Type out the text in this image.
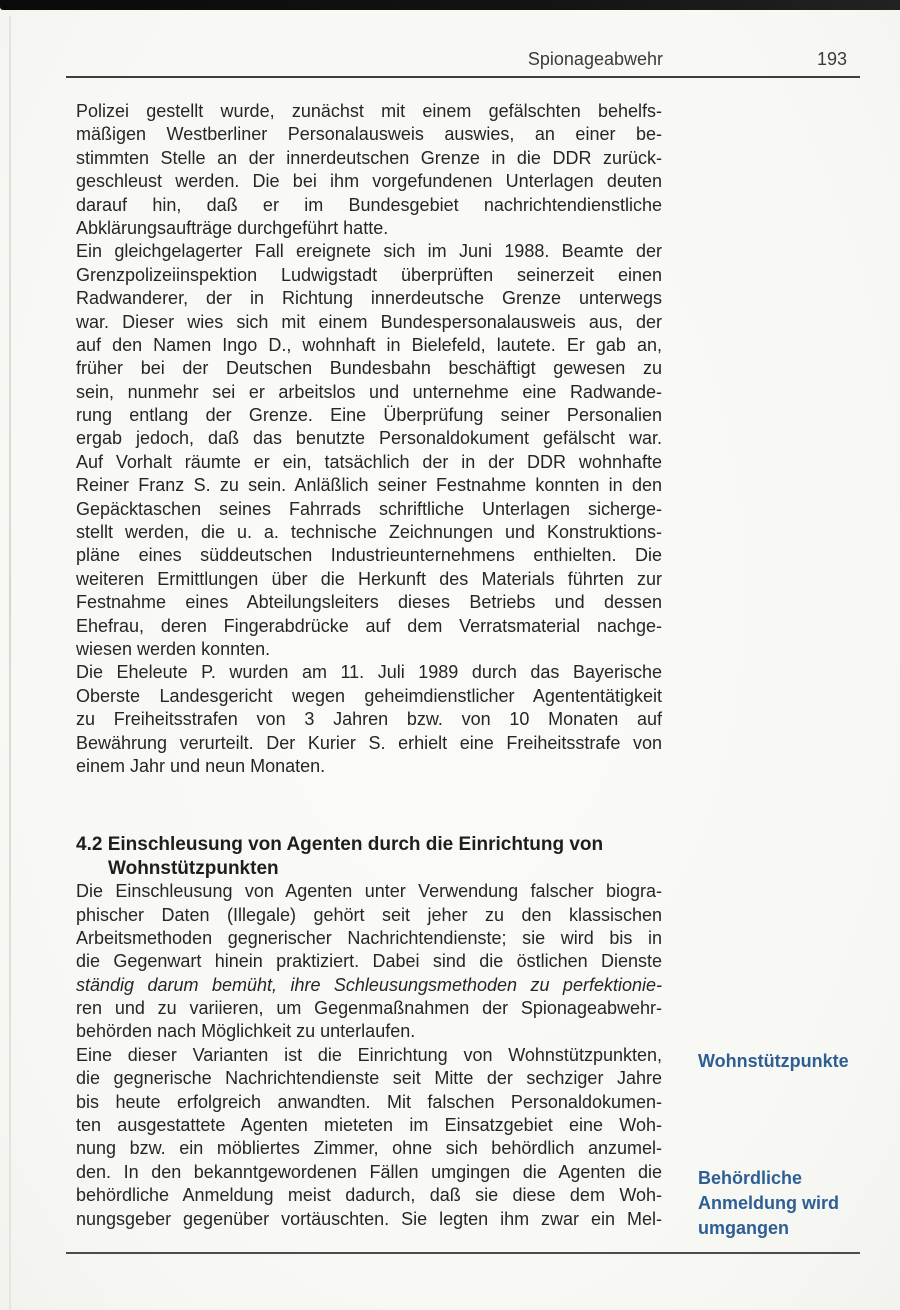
Spionageabwehr	193
Polizei gestellt wurde, zunächst mit einem gefälschten behelfs-
mäßigen Westberliner Personalausweis auswies, an einer be-
stimmten Stelle an der innerdeutschen Grenze in die DDR zurück-
geschleust werden. Die bei ihm vorgefundenen Unterlagen deuten
darauf hin, daß er im Bundesgebiet nachrichtendienstliche
Abklärungsaufträge durchgeführt hatte.
Ein gleichgelagerter Fall ereignete sich im Juni 1988. Beamte der
Grenzpolizeiinspektion Ludwigstadt überprüften seinerzeit einen
Radwanderer, der in Richtung innerdeutsche Grenze unterwegs
war. Dieser wies sich mit einem Bundespersonalausweis aus, der
auf den Namen Ingo D., wohnhaft in Bielefeld, lautete. Er gab an,
früher bei der Deutschen Bundesbahn beschäftigt gewesen zu
sein, nunmehr sei er arbeitslos und unternehme eine Radwande-
rung entlang der Grenze. Eine Überprüfung seiner Personalien
ergab jedoch, daß das benutzte Personaldokument gefälscht war.
Auf Vorhalt räumte er ein, tatsächlich der in der DDR wohnhafte
Reiner Franz S. zu sein. Anläßlich seiner Festnahme konnten in den
Gepäcktaschen seines Fahrrads schriftliche Unterlagen sicherge-
stellt werden, die u. a. technische Zeichnungen und Konstruktions-
pläne eines süddeutschen Industrieunternehmens enthielten. Die
weiteren Ermittlungen über die Herkunft des Materials führten zur
Festnahme eines Abteilungsleiters dieses Betriebs und dessen
Ehefrau, deren Fingerabdrücke auf dem Verratsmaterial nachge-
wiesen werden konnten.
Die Eheleute P. wurden am 11. Juli 1989 durch das Bayerische
Oberste Landesgericht wegen geheimdienstlicher Agententätigkeit
zu Freiheitsstrafen von 3 Jahren bzw. von 10 Monaten auf
Bewährung verurteilt. Der Kurier S. erhielt eine Freiheitsstrafe von
einem Jahr und neun Monaten.
4.2 Einschleusung von Agenten durch die Einrichtung von
Wohnstützpunkten
Die Einschleusung von Agenten unter Verwendung falscher biogra-
phischer Daten (Illegale) gehört seit jeher zu den klassischen
Arbeitsmethoden gegnerischer Nachrichtendienste; sie wird bis in
die Gegenwart hinein praktiziert. Dabei sind die östlichen Dienste
ständig darum bemüht, ihre Schleusungsmethoden zu perfektionie-
ren und zu variieren, um Gegenmaßnahmen der Spionageabwehr-
behörden nach Möglichkeit zu unterlaufen.
Eine dieser Varianten ist die Einrichtung von Wohnstützpunkten,
die gegnerische Nachrichtendienste seit Mitte der sechziger Jahre
bis heute erfolgreich anwandten. Mit falschen Personaldokumen-
ten ausgestattete Agenten mieteten im Einsatzgebiet eine Woh-
nung bzw. ein möbliertes Zimmer, ohne sich behördlich anzumel-
den. In den bekanntgewordenen Fällen umgingen die Agenten die
behördliche Anmeldung meist dadurch, daß sie diese dem Woh-
nungsgeber gegenüber vortäuschten. Sie legten ihm zwar ein Mel-
Wohnstützpunkte
Behördliche
Anmeldung wird
umgangen
